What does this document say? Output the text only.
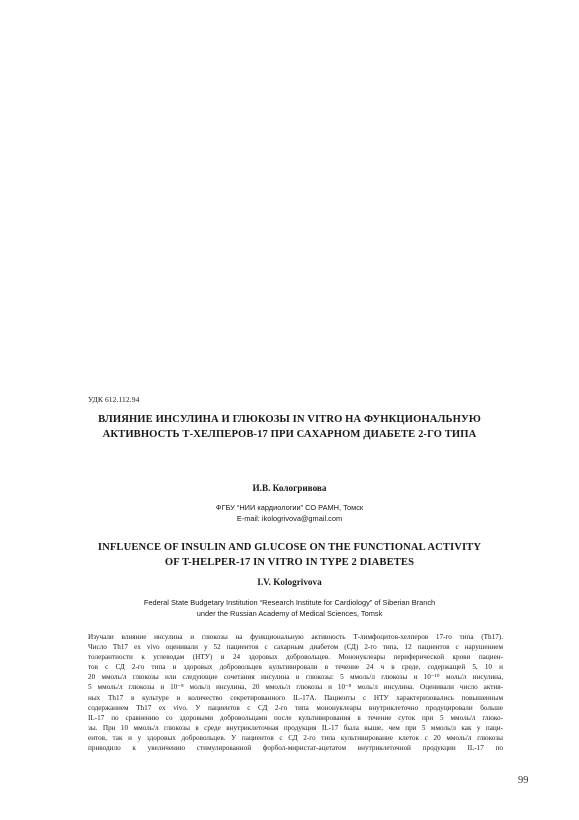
УДК 612.112.94
ВЛИЯНИЕ ИНСУЛИНА И ГЛЮКОЗЫ IN VITRO НА ФУНКЦИОНАЛЬНУЮ
АКТИВНОСТЬ Т-ХЕЛПЕРОВ-17 ПРИ САХАРНОМ ДИАБЕТЕ 2-ГО ТИПА
И.В. Кологривова
ФГБУ “НИИ кардиологии” СО РАМН, Томск
E-mail: ikologrivova@gmail.com
INFLUENCE OF INSULIN AND GLUCOSE ON THE FUNCTIONAL ACTIVITY
OF T-HELPER-17 IN VITRO IN TYPE 2 DIABETES
I.V. Kologrivova
Federal State Budgetary Institution “Research Institute for Cardiology” of Siberian Branch
under the Russian Academy of Medical Sciences, Tomsk
Изучали влияние инсулина и глюкозы на функциональную активность Т-лимфоцитов-хелперов 17-го типа (Th17).
Число Th17 ex vivo оценивали у 52 пациентов с сахарным диабетом (СД) 2-го типа, 12 пациентов с нарушением
толерантности к углеводам (НТУ) и 24 здоровых добровольцев. Мононуклеары периферической крови пациен-
тов с СД 2-го типа и здоровых добровольцев культивировали в течение 24 ч в среде, содержащей 5, 10 и
20 ммоль/л глюкозы или следующие сочетания инсулина и глюкозы: 5 ммоль/л глюкозы и 10⁻¹⁰ моль/л инсулина,
5 ммоль/л глюкозы и 10⁻⁸ моль/л инсулина, 20 ммоль/л глюкозы и 10⁻⁸ моль/л инсулина. Оценивали число актив-
ных Th17 в культуре и количество секретированного IL-17A. Пациенты с НТУ характеризовались повышенным
содержанием Th17 ex vivo. У пациентов с СД 2-го типа мононуклеары внутриклеточно продуцировали больше
IL-17 по сравнению со здоровыми добровольцами после культивирования в течение суток при 5 ммоль/л глюко-
зы. При 10 ммоль/л глюкозы в среде внутриклеточная продукция IL-17 была выше, чем при 5 ммоль/л как у паци-
ентов, так и у здоровых добровольцев. У пациентов с СД 2-го типа культивирование клеток с 20 ммоль/л глюкозы
приводило к увеличению стимулированной форбол-миристат-ацетатом внутриклеточной продукции IL-17 по
99
